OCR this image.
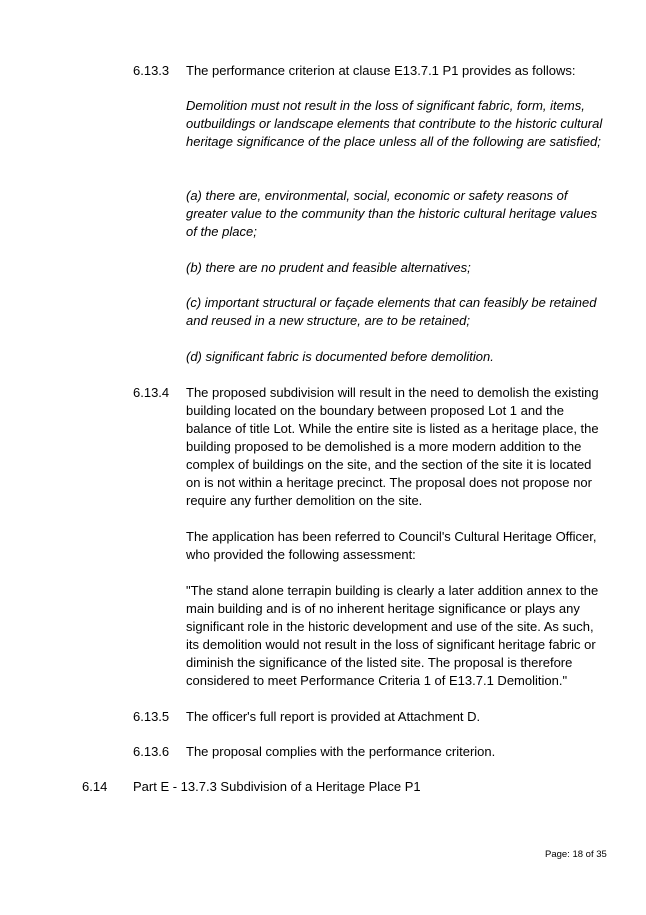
6.13.3 The performance criterion at clause E13.7.1 P1 provides as follows:

Demolition must not result in the loss of significant fabric, form, items, outbuildings or landscape elements that contribute to the historic cultural heritage significance of the place unless all of the following are satisfied;

(a) there are, environmental, social, economic or safety reasons of greater value to the community than the historic cultural heritage values of the place;

(b) there are no prudent and feasible alternatives;

(c) important structural or façade elements that can feasibly be retained and reused in a new structure, are to be retained;

(d) significant fabric is documented before demolition.

6.13.4 The proposed subdivision will result in the need to demolish the existing building located on the boundary between proposed Lot 1 and the balance of title Lot. While the entire site is listed as a heritage place, the building proposed to be demolished is a more modern addition to the complex of buildings on the site, and the section of the site it is located on is not within a heritage precinct. The proposal does not propose nor require any further demolition on the site.

The application has been referred to Council's Cultural Heritage Officer, who provided the following assessment:

"The stand alone terrapin building is clearly a later addition annex to the main building and is of no inherent heritage significance or plays any significant role in the historic development and use of the site. As such, its demolition would not result in the loss of significant heritage fabric or diminish the significance of the listed site. The proposal is therefore considered to meet Performance Criteria 1 of E13.7.1 Demolition."

6.13.5 The officer's full report is provided at Attachment D.

6.13.6 The proposal complies with the performance criterion.

6.14 Part E - 13.7.3 Subdivision of a Heritage Place P1
Page: 18 of 35
